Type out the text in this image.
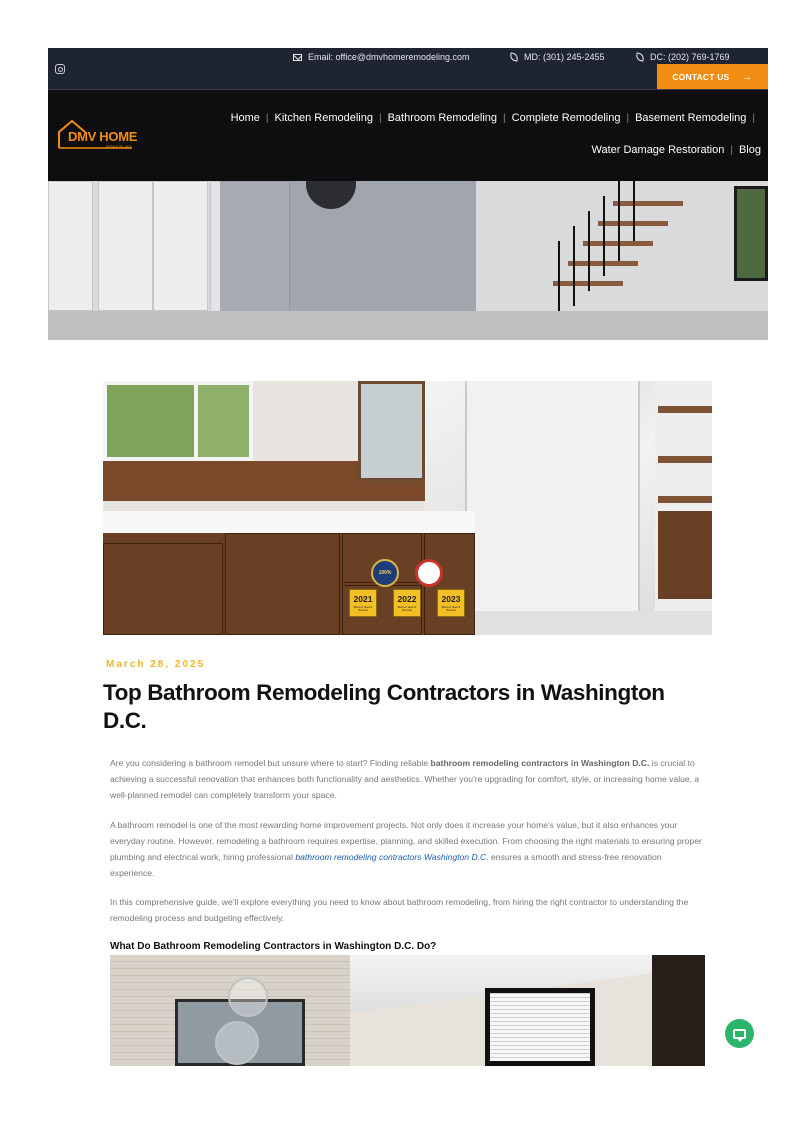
Email: office@dmvhomeremodeling.com	MD: (301) 245-2455	DC: (202) 769-1769
CONTACT US →
DMV HOME
REMODELING
Home | Kitchen Remodeling | Bathroom Remodeling | Complete Remodeling | Basement Remodeling |
Water Damage Restoration | Blog
100%
2021
Best of Houzz Service
2022
Best of Houzz Service
2023
Best of Houzz Service
March 28, 2025
Top Bathroom Remodeling Contractors in Washington D.C.

Are you considering a bathroom remodel but unsure where to start? Finding reliable bathroom remodeling contractors in Washington D.C. is crucial to achieving a successful renovation that enhances both functionality and aesthetics. Whether you're upgrading for comfort, style, or increasing home value, a well-planned remodel can completely transform your space.

A bathroom remodel is one of the most rewarding home improvement projects. Not only does it increase your home's value, but it also enhances your everyday routine. However, remodeling a bathroom requires expertise, planning, and skilled execution. From choosing the right materials to ensuring proper plumbing and electrical work, hiring professional bathroom remodeling contractors Washington D.C. ensures a smooth and stress-free renovation experience.

In this comprehensive guide, we'll explore everything you need to know about bathroom remodeling, from hiring the right contractor to understanding the remodeling process and budgeting effectively.

What Do Bathroom Remodeling Contractors in Washington D.C. Do?
